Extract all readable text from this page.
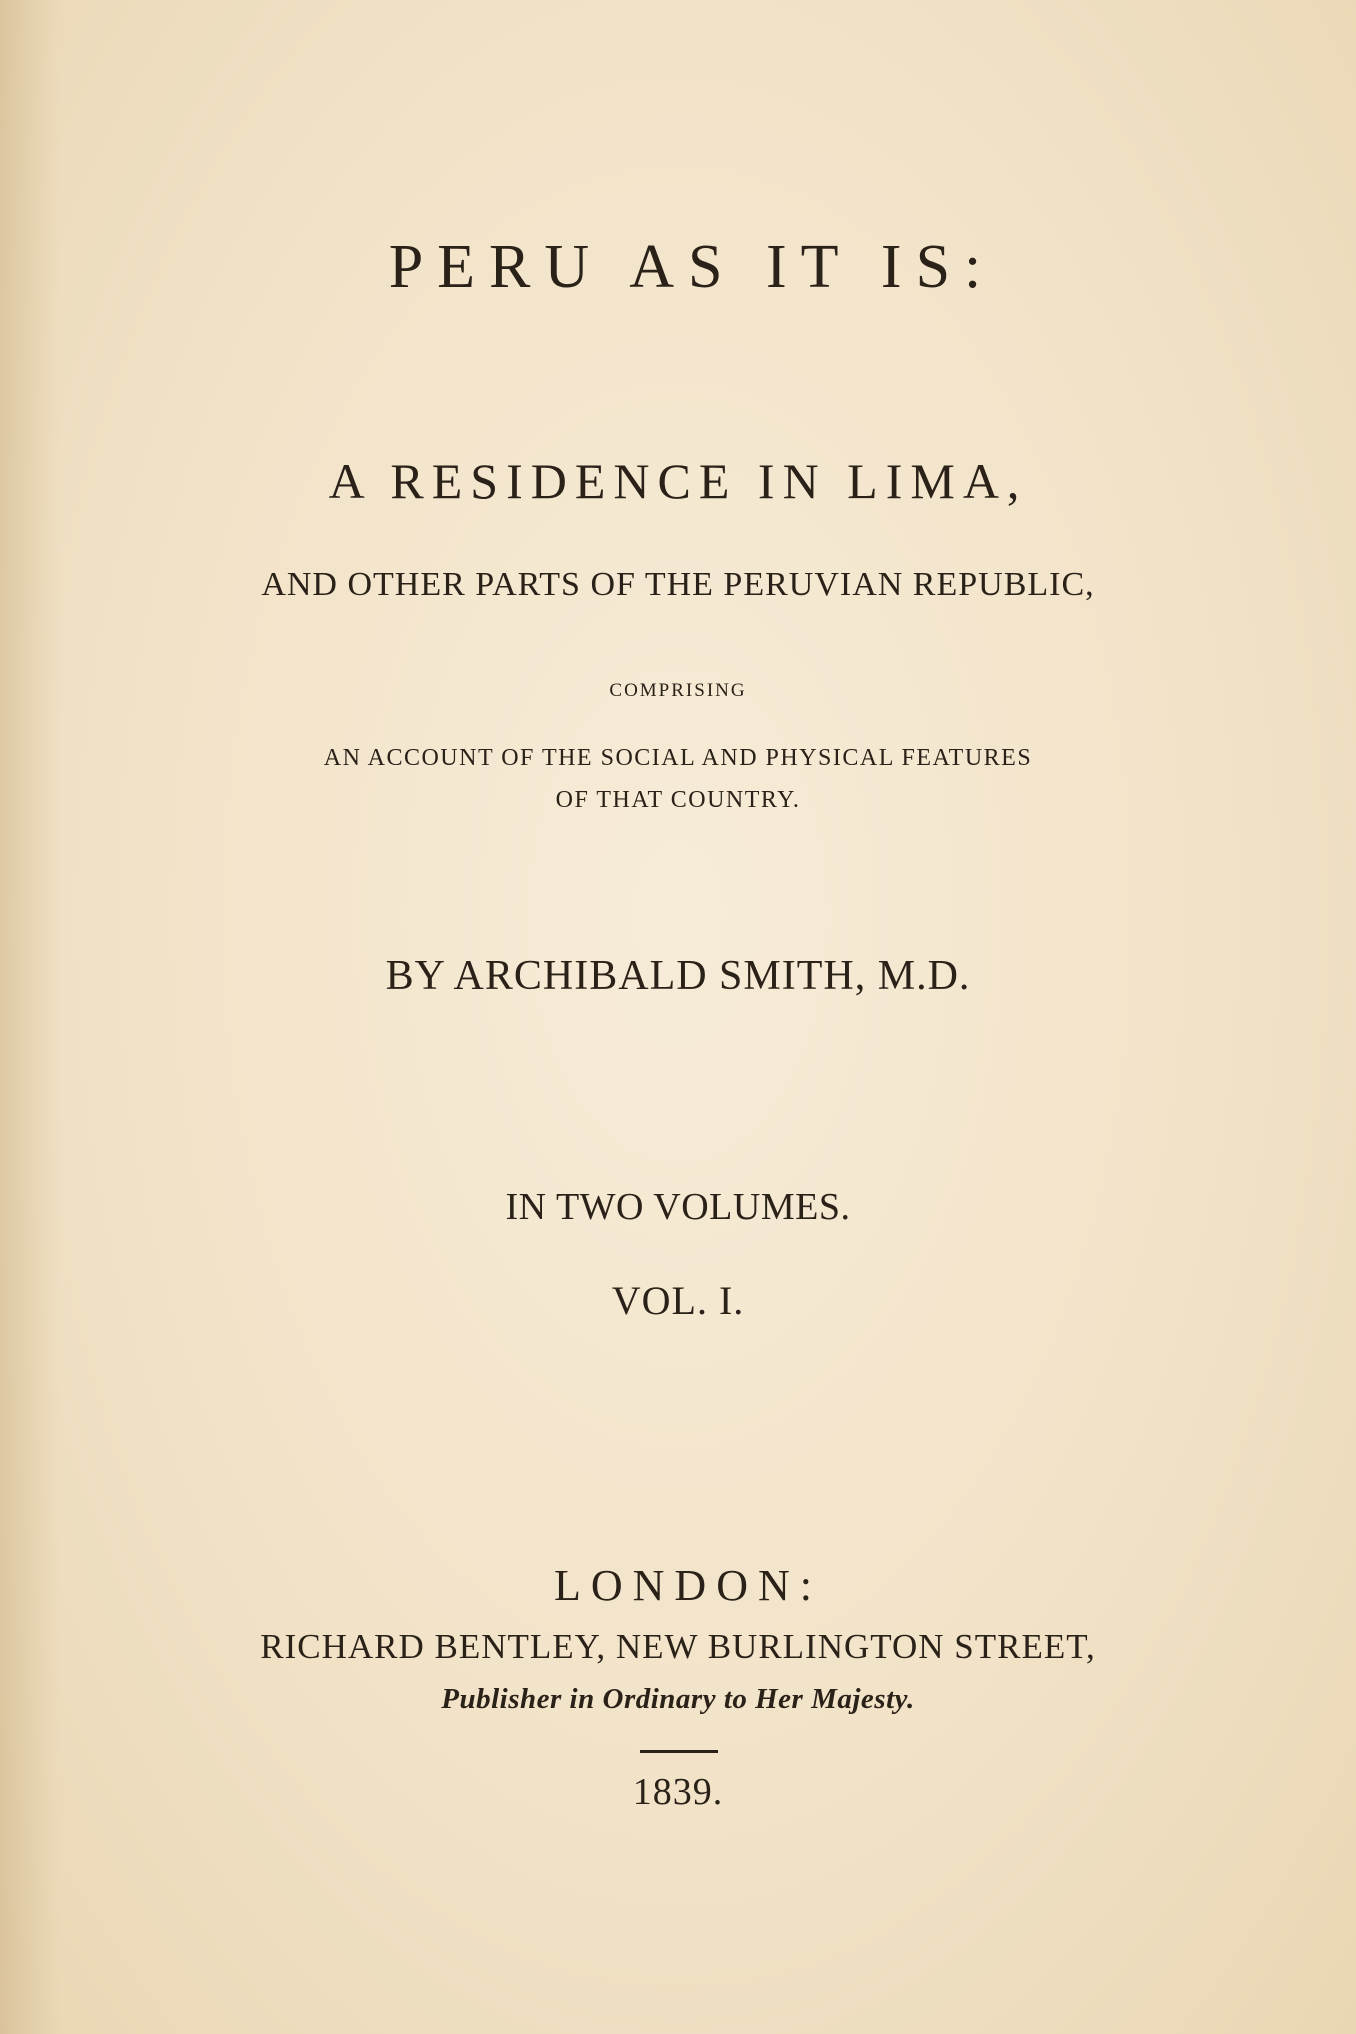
PERU AS IT IS:
A RESIDENCE IN LIMA,
AND OTHER PARTS OF THE PERUVIAN REPUBLIC,
COMPRISING
AN ACCOUNT OF THE SOCIAL AND PHYSICAL FEATURES
OF THAT COUNTRY.
BY ARCHIBALD SMITH, M.D.
IN TWO VOLUMES.
VOL. I.
LONDON:
RICHARD BENTLEY, NEW BURLINGTON STREET,
Publisher in Ordinary to Her Majesty.
1839.
